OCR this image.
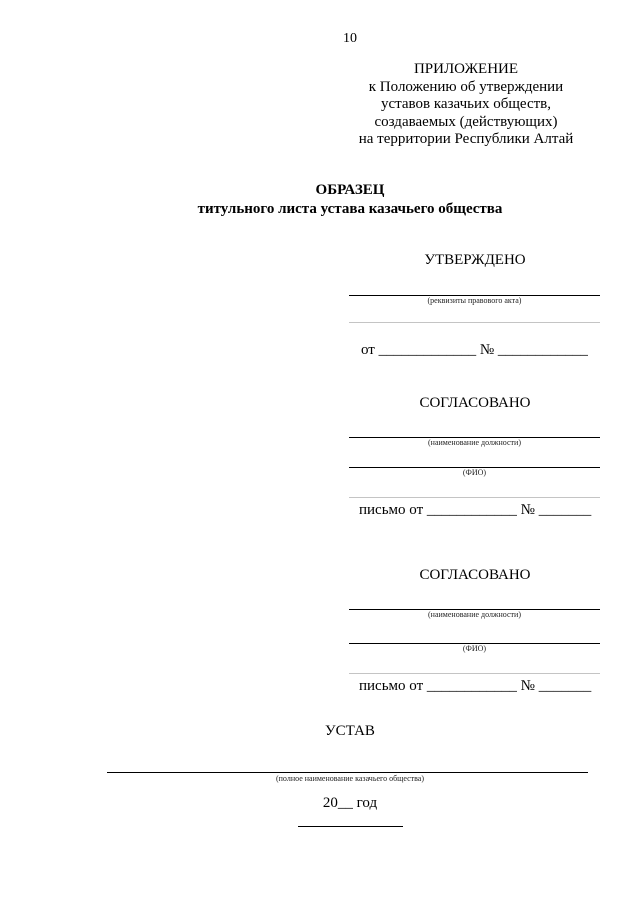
10
ПРИЛОЖЕНИЕ
к Положению об утверждении
уставов казачьих обществ,
создаваемых (действующих)
на территории Республики Алтай
ОБРАЗЕЦ
титульного листа устава казачьего общества
УТВЕРЖДЕНО
(реквизиты правового акта)
от _____________ № ____________
СОГЛАСОВАНО
(наименование должности)
(ФИО)
письмо от ____________ № _______
СОГЛАСОВАНО
(наименование должности)
(ФИО)
письмо от ____________ № _______
УСТАВ
(полное наименование казачьего общества)
20__ год
